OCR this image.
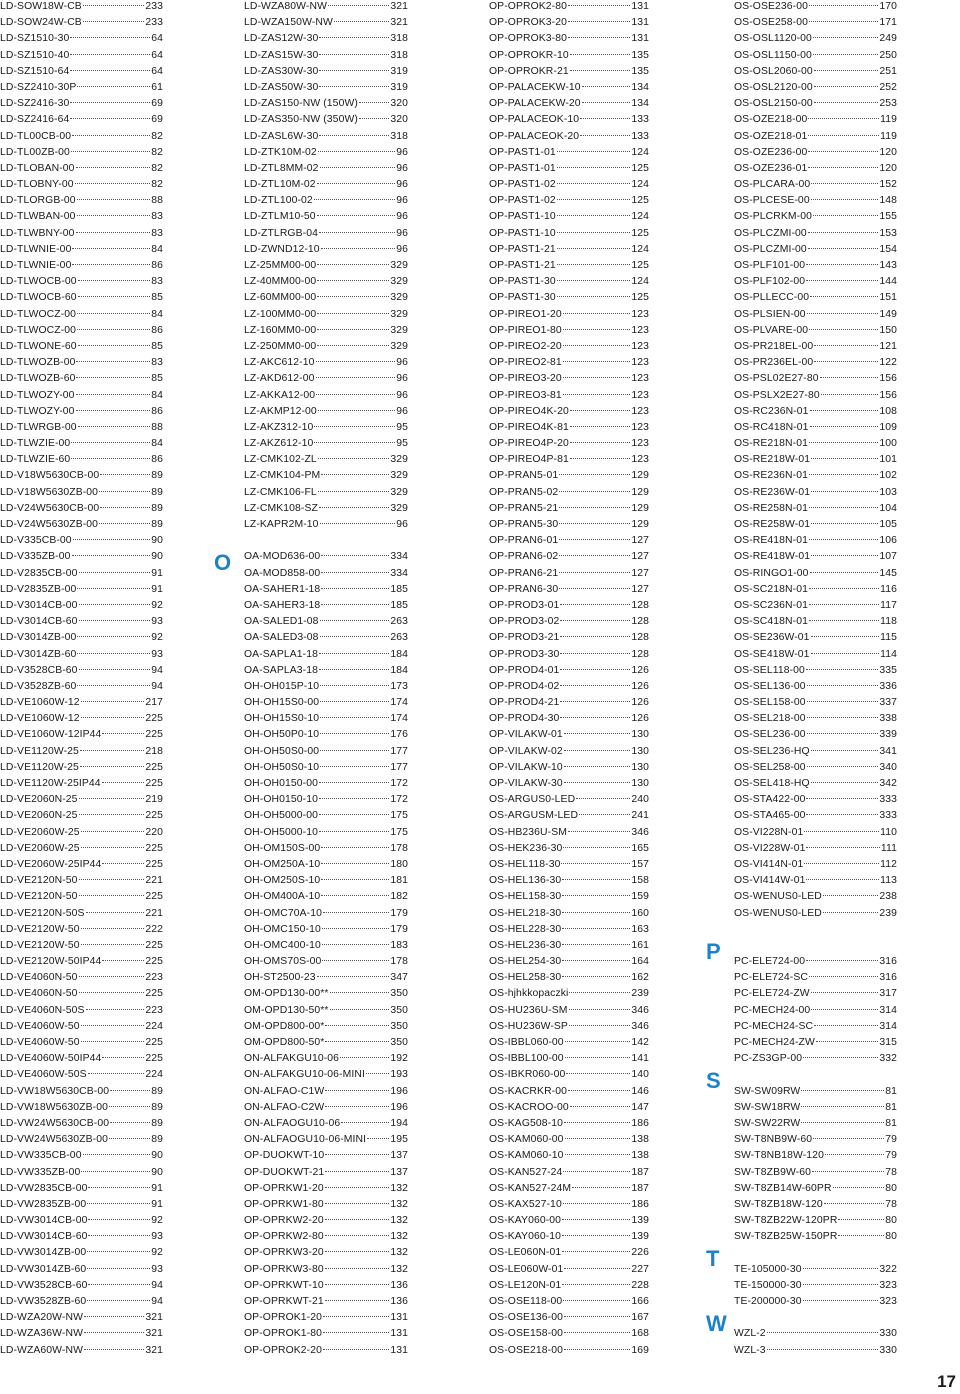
LD-SOW18W-CB	233
LD-SOW24W-CB	233
LD-SZ1510-30	64
LD-SZ1510-40	64
LD-SZ1510-64	64
LD-SZ2410-30P	61
LD-SZ2416-30	69
LD-SZ2416-64	69
LD-TL00CB-00	82
LD-TL00ZB-00	82
LD-TLOBAN-00	82
LD-TLOBNY-00	82
LD-TLORGB-00	88
LD-TLWBAN-00	83
LD-TLWBNY-00	83
LD-TLWNIE-00	84
LD-TLWNIE-00	86
LD-TLWOCB-00	83
LD-TLWOCB-60	85
LD-TLWOCZ-00	84
LD-TLWOCZ-00	86
LD-TLWONE-60	85
LD-TLWOZB-00	83
LD-TLWOZB-60	85
LD-TLWOZY-00	84
LD-TLWOZY-00	86
LD-TLWRGB-00	88
LD-TLWZIE-00	84
LD-TLWZIE-60	86
LD-V18W5630CB-00	89
LD-V18W5630ZB-00	89
LD-V24W5630CB-00	89
LD-V24W5630ZB-00	89
LD-V335CB-00	90
LD-V335ZB-00	90
LD-V2835CB-00	91
LD-V2835ZB-00	91
LD-V3014CB-00	92
LD-V3014CB-60	93
LD-V3014ZB-00	92
LD-V3014ZB-60	93
LD-V3528CB-60	94
LD-V3528ZB-60	94
LD-VE1060W-12	217
LD-VE1060W-12	225
LD-VE1060W-12IP44	225
LD-VE1120W-25	218
LD-VE1120W-25	225
LD-VE1120W-25IP44	225
LD-VE2060N-25	219
LD-VE2060N-25	225
LD-VE2060W-25	220
LD-VE2060W-25	225
LD-VE2060W-25IP44	225
LD-VE2120N-50	221
LD-VE2120N-50	225
LD-VE2120N-50S	221
LD-VE2120W-50	222
LD-VE2120W-50	225
LD-VE2120W-50IP44	225
LD-VE4060N-50	223
LD-VE4060N-50	225
LD-VE4060N-50S	223
LD-VE4060W-50	224
LD-VE4060W-50	225
LD-VE4060W-50IP44	225
LD-VE4060W-50S	224
LD-VW18W5630CB-00	89
LD-VW18W5630ZB-00	89
LD-VW24W5630CB-00	89
LD-VW24W5630ZB-00	89
LD-VW335CB-00	90
LD-VW335ZB-00	90
LD-VW2835CB-00	91
LD-VW2835ZB-00	91
LD-VW3014CB-00	92
LD-VW3014CB-60	93
LD-VW3014ZB-00	92
LD-VW3014ZB-60	93
LD-VW3528CB-60	94
LD-VW3528ZB-60	94
LD-WZA20W-NW	321
LD-WZA36W-NW	321
LD-WZA60W-NW	321
LD-WZA80W-NW	321
LD-WZA150W-NW	321
LD-ZAS12W-30	318
LD-ZAS15W-30	318
LD-ZAS30W-30	319
LD-ZAS50W-30	319
LD-ZAS150-NW (150W)	320
LD-ZAS350-NW (350W)	320
LD-ZASL6W-30	318
LD-ZTK10M-02	96
LD-ZTL8MM-02	96
LD-ZTL10M-02	96
LD-ZTL100-02	96
LD-ZTLM10-50	96
LD-ZTLRGB-04	96
LD-ZWND12-10	96
LZ-25MM00-00	329
LZ-40MM00-00	329
LZ-60MM00-00	329
LZ-100MM0-00	329
LZ-160MM0-00	329
LZ-250MM0-00	329
LZ-AKC612-10	96
LZ-AKD612-00	96
LZ-AKKA12-00	96
LZ-AKMP12-00	96
LZ-AKZ312-10	95
LZ-AKZ612-10	95
LZ-CMK102-ZL	329
LZ-CMK104-PM	329
LZ-CMK106-FL	329
LZ-CMK108-SZ	329
LZ-KAPR2M-10	96
OA-MOD636-00	334
OA-MOD858-00	334
OA-SAHER1-18	185
OA-SAHER3-18	185
OA-SALED1-08	263
OA-SALED3-08	263
OA-SAPLA1-18	184
OA-SAPLA3-18	184
OH-OH015P-10	173
OH-OH15S0-00	174
OH-OH15S0-10	174
OH-OH50P0-10	176
OH-OH50S0-00	177
OH-OH50S0-10	177
OH-OH0150-00	172
OH-OH0150-10	172
OH-OH5000-00	175
OH-OH5000-10	175
OH-OM150S-00	178
OH-OM250A-10	180
OH-OM250S-10	181
OH-OM400A-10	182
OH-OMC70A-10	179
OH-OMC150-10	179
OH-OMC400-10	183
OH-OMS70S-00	178
OH-ST2500-23	347
OM-OPD130-00**	350
OM-OPD130-50**	350
OM-OPD800-00*	350
OM-OPD800-50*	350
ON-ALFAKGU10-06	192
ON-ALFAKGU10-06-MINI 193
ON-ALFAO-C1W	196
ON-ALFAO-C2W	196
ON-ALFAOGU10-06	194
ON-ALFAOGU10-06-MINI 195
OP-DUOKWT-10	137
OP-DUOKWT-21	137
OP-OPRKW1-20	132
OP-OPRKW1-80	132
OP-OPRKW2-20	132
OP-OPRKW2-80	132
OP-OPRKW3-20	132
OP-OPRKW3-80	132
OP-OPRKWT-10	136
OP-OPRKWT-21	136
OP-OPROK1-20	131
OP-OPROK1-80	131
OP-OPROK2-20	131
OP-OPROK2-80	131
OP-OPROK3-20	131
OP-OPROK3-80	131
OP-OPROKR-10	135
OP-OPROKR-21	135
OP-PALACEKW-10	134
OP-PALACEKW-20	134
OP-PALACEOK-10	133
OP-PALACEOK-20	133
OP-PAST1-01	124
OP-PAST1-01	125
OP-PAST1-02	124
OP-PAST1-02	125
OP-PAST1-10	124
OP-PAST1-10	125
OP-PAST1-21	124
OP-PAST1-21	125
OP-PAST1-30	124
OP-PAST1-30	125
OP-PIREO1-20	123
OP-PIREO1-80	123
OP-PIREO2-20	123
OP-PIREO2-81	123
OP-PIREO3-20	123
OP-PIREO3-81	123
OP-PIREO4K-20	123
OP-PIREO4K-81	123
OP-PIREO4P-20	123
OP-PIREO4P-81	123
OP-PRAN5-01	129
OP-PRAN5-02	129
OP-PRAN5-21	129
OP-PRAN5-30	129
OP-PRAN6-01	127
OP-PRAN6-02	127
OP-PRAN6-21	127
OP-PRAN6-30	127
OP-PROD3-01	128
OP-PROD3-02	128
OP-PROD3-21	128
OP-PROD3-30	128
OP-PROD4-01	126
OP-PROD4-02	126
OP-PROD4-21	126
OP-PROD4-30	126
OP-VILAKW-01	130
OP-VILAKW-02	130
OP-VILAKW-10	130
OP-VILAKW-30	130
OS-ARGUS0-LED	240
OS-ARGUSM-LED	241
OS-HB236U-SM	346
OS-HEK236-30	165
OS-HEL118-30	157
OS-HEL136-30	158
OS-HEL158-30	159
OS-HEL218-30	160
OS-HEL228-30	163
OS-HEL236-30	161
OS-HEL254-30	164
OS-HEL258-30	162
OS-hjhkkopaczki	239
OS-HU236U-SM	346
OS-HU236W-SP	346
OS-IBBL060-00	142
OS-IBBL100-00	141
OS-IBKR060-00	140
OS-KACRKR-00	146
OS-KACROO-00	147
OS-KAG508-10	186
OS-KAM060-00	138
OS-KAM060-10	138
OS-KAN527-24	187
OS-KAN527-24M	187
OS-KAX527-10	186
OS-KAY060-00	139
OS-KAY060-10	139
OS-LE060N-01	226
OS-LE060W-01	227
OS-LE120N-01	228
OS-OSE118-00	166
OS-OSE136-00	167
OS-OSE158-00	168
OS-OSE218-00	169
OS-OSE236-00	170
OS-OSE258-00	171
OS-OSL1120-00	249
OS-OSL1150-00	250
OS-OSL2060-00	251
OS-OSL2120-00	252
OS-OSL2150-00	253
OS-OZE218-00	119
OS-OZE218-01	119
OS-OZE236-00	120
OS-OZE236-01	120
OS-PLCARA-00	152
OS-PLCESE-00	148
OS-PLCRKM-00	155
OS-PLCZMI-00	153
OS-PLCZMI-00	154
OS-PLF101-00	143
OS-PLF102-00	144
OS-PLLECC-00	151
OS-PLSIEN-00	149
OS-PLVARE-00	150
OS-PR218EL-00	121
OS-PR236EL-00	122
OS-PSL02E27-80	156
OS-PSLX2E27-80	156
OS-RC236N-01	108
OS-RC418N-01	109
OS-RE218N-01	100
OS-RE218W-01	101
OS-RE236N-01	102
OS-RE236W-01	103
OS-RE258N-01	104
OS-RE258W-01	105
OS-RE418N-01	106
OS-RE418W-01	107
OS-RINGO1-00	145
OS-SC218N-01	116
OS-SC236N-01	117
OS-SC418N-01	118
OS-SE236W-01	115
OS-SE418W-01	114
OS-SEL118-00	335
OS-SEL136-00	336
OS-SEL158-00	337
OS-SEL218-00	338
OS-SEL236-00	339
OS-SEL236-HQ	341
OS-SEL258-00	340
OS-SEL418-HQ	342
OS-STA422-00	333
OS-STA465-00	333
OS-VI228N-01	110
OS-VI228W-01	111
OS-VI414N-01	112
OS-VI414W-01	113
OS-WENUS0-LED	238
OS-WENUS0-LED	239
PC-ELE724-00	316
PC-ELE724-SC	316
PC-ELE724-ZW	317
PC-MECH24-00	314
PC-MECH24-SC	314
PC-MECH24-ZW	315
PC-ZS3GP-00	332
SW-SW09RW	81
SW-SW18RW	81
SW-SW22RW	81
SW-T8NB9W-60	79
SW-T8NB18W-120	79
SW-T8ZB9W-60	78
SW-T8ZB14W-60PR	80
SW-T8ZB18W-120	78
SW-T8ZB22W-120PR	80
SW-T8ZB25W-150PR	80
TE-105000-30	322
TE-150000-30	323
TE-200000-30	323
WZL-2	330
WZL-3	330
O
P
S
T
W
17
